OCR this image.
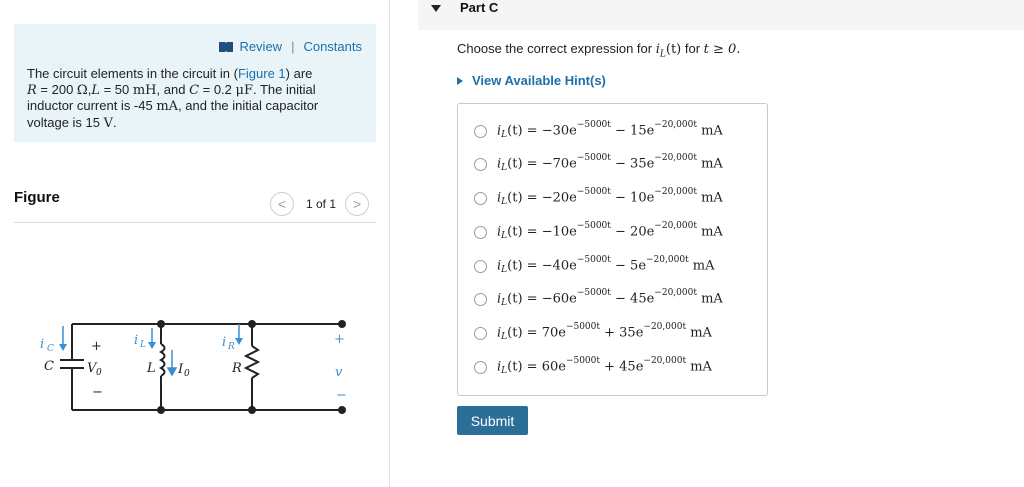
Review | Constants
The circuit elements in the circuit in (Figure 1) are
R = 200 Ω,L = 50 mH, and C = 0.2 μF. The initial
inductor current is -45 mA, and the initial capacitor
voltage is 15 V.
Figure	<	1 of 1	>
i C
i L	i R
v
+
−
C	V 0	L I 0	R
+
−
Part C
Choose the correct expression for $i_L(t)$ for t ≥ 0.
View Available Hint(s)
$i_L(t) = -30e^{-5000t} - 15e^{-20,000t}$ mA
$i_L(t) = -70e^{-5000t} - 35e^{-20,000t}$ mA
$i_L(t) = -20e^{-5000t} - 10e^{-20,000t}$ mA
$i_L(t) = -10e^{-5000t} - 20e^{-20,000t}$ mA
$i_L(t) = -40e^{-5000t} - 5e^{-20,000t}$ mA
$i_L(t) = -60e^{-5000t} - 45e^{-20,000t}$ mA
$i_L(t) = 70e^{-5000t} + 35e^{-20,000t}$ mA
$i_L(t) = 60e^{-5000t} + 45e^{-20,000t}$ mA
Submit
